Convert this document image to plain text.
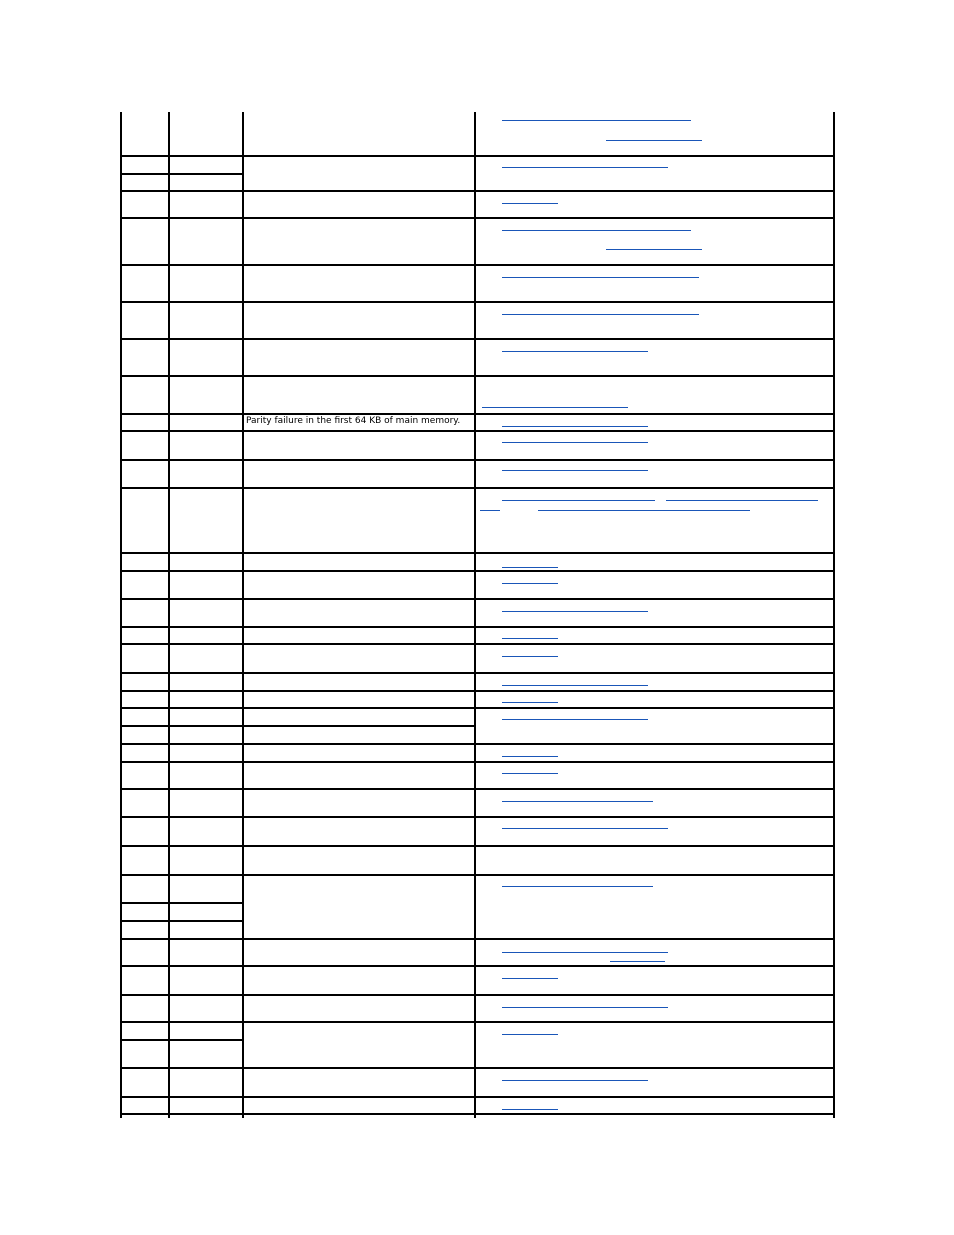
Parity failure in the first 64 KB of main memory.
